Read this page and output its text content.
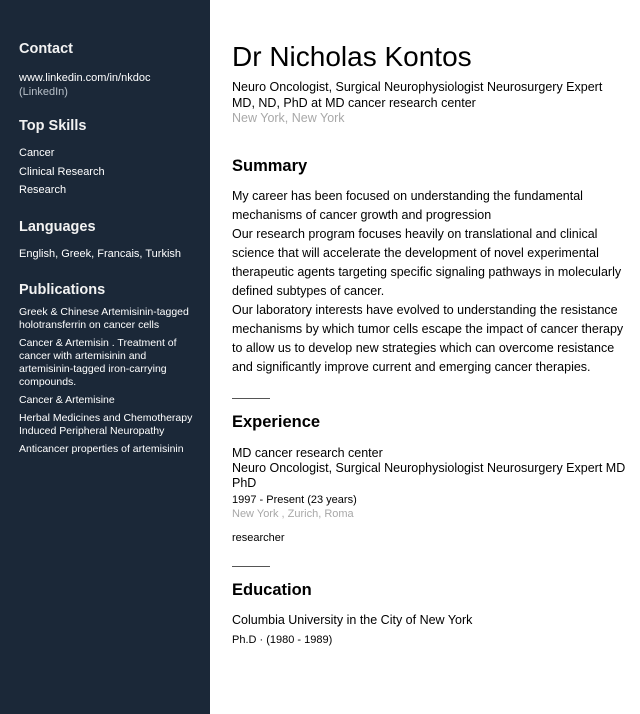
Contact
www.linkedin.com/in/nkdoc
(LinkedIn)
Top Skills
Cancer
Clinical Research
Research
Languages
English, Greek, Francais, Turkish
Publications
Greek & Chinese Artemisinin-tagged holotransferrin on cancer cells
Cancer & Artemisin . Treatment of cancer with artemisinin and artemisinin-tagged iron-carrying compounds.
Cancer & Artemisine
Herbal Medicines and Chemotherapy Induced Peripheral Neuropathy
Anticancer properties of artemisinin
Dr Nicholas Kontos
Neuro Oncologist, Surgical Neurophysiologist Neurosurgery Expert MD, ND, PhD at MD cancer research center
New York, New York
Summary

My career has been focused on understanding the fundamental mechanisms of cancer growth and progression

Our research program focuses heavily on translational and clinical science that will accelerate the development of novel experimental therapeutic agents targeting specific signaling pathways in molecularly defined subtypes of cancer.

Our laboratory interests have evolved to understanding the resistance mechanisms by which tumor cells escape the impact of cancer therapy to allow us to develop new strategies which can overcome resistance and significantly improve current and emerging cancer therapies.

Experience
MD cancer research center
Neuro Oncologist, Surgical Neurophysiologist Neurosurgery Expert MD PhD
1997 - Present (23 years)
New York , Zurich, Roma
researcher
Education
Columbia University in the City of New York
Ph.D · (1980 - 1989)
